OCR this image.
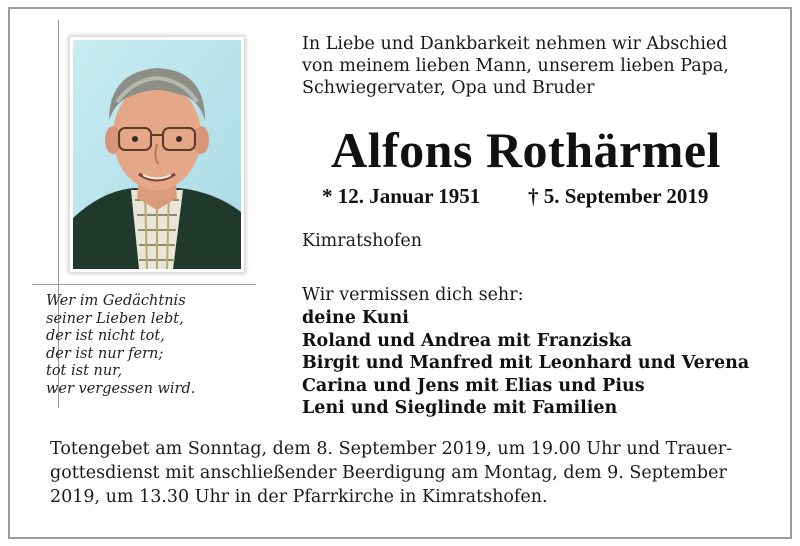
Wer im Gedächtnis
seiner Lieben lebt,
der ist nicht tot,
der ist nur fern;
tot ist nur,
wer vergessen wird.
In Liebe und Dankbarkeit nehmen wir Abschied
von meinem lieben Mann, unserem lieben Papa,
Schwiegervater, Opa und Bruder
Alfons Rothärmel
* 12. Januar 1951 † 5. September 2019
Kimratshofen
Wir vermissen dich sehr:
deine Kuni
Roland und Andrea mit Franziska
Birgit und Manfred mit Leonhard und Verena
Carina und Jens mit Elias und Pius
Leni und Sieglinde mit Familien
Totengebet am Sonntag, dem 8. September 2019, um 19.00 Uhr und Trauer-
gottesdienst mit anschließender Beerdigung am Montag, dem 9. September
2019, um 13.30 Uhr in der Pfarrkirche in Kimratshofen.
